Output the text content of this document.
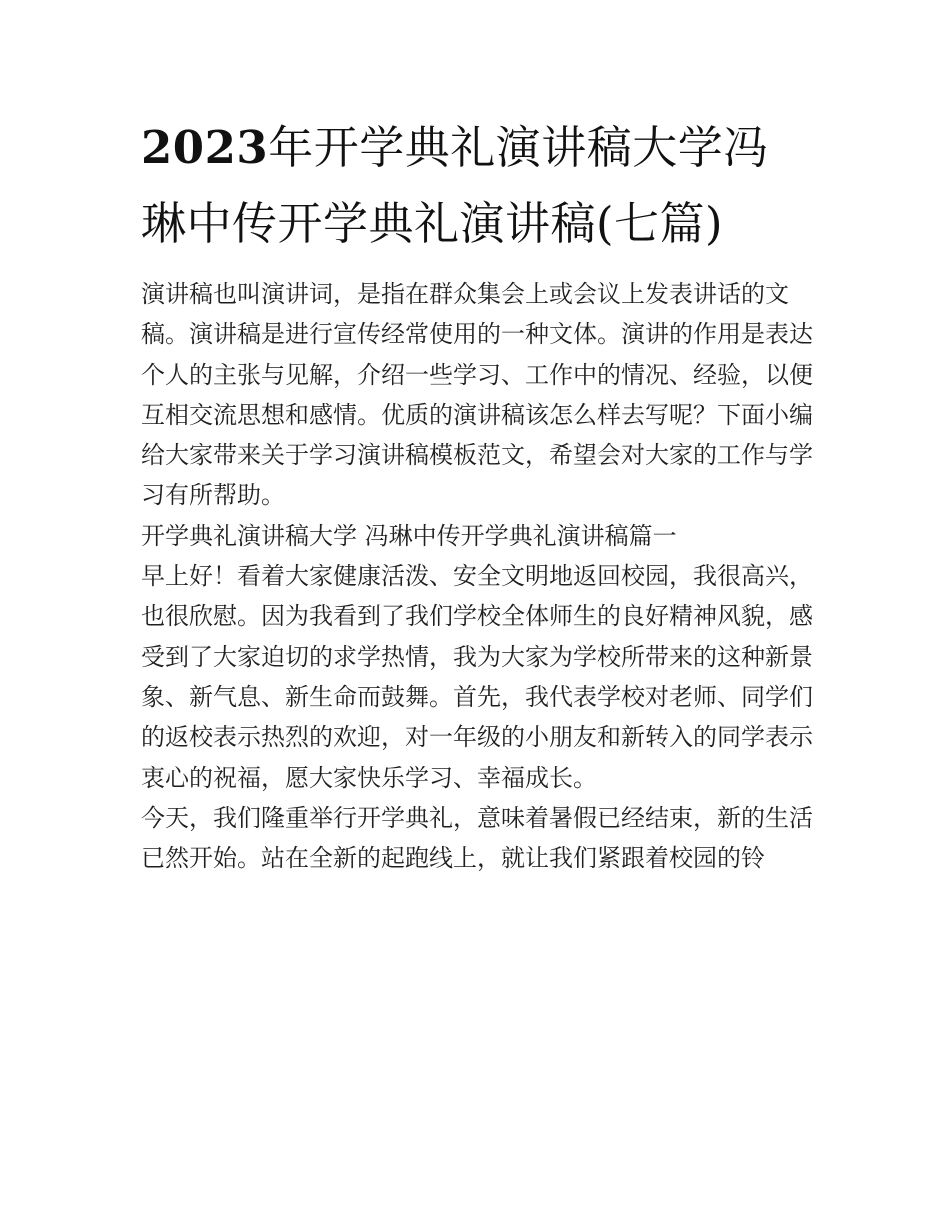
2023年开学典礼演讲稿大学冯琳中传开学典礼演讲稿(七篇)

演讲稿也叫演讲词，是指在群众集会上或会议上发表讲话的文稿。演讲稿是进行宣传经常使用的一种文体。演讲的作用是表达个人的主张与见解，介绍一些学习、工作中的情况、经验，以便互相交流思想和感情。优质的演讲稿该怎么样去写呢？下面小编给大家带来关于学习演讲稿模板范文，希望会对大家的工作与学习有所帮助。

开学典礼演讲稿大学 冯琳中传开学典礼演讲稿篇一

早上好！看着大家健康活泼、安全文明地返回校园，我很高兴，也很欣慰。因为我看到了我们学校全体师生的良好精神风貌，感受到了大家迫切的求学热情，我为大家为学校所带来的这种新景象、新气息、新生命而鼓舞。首先，我代表学校对老师、同学们的返校表示热烈的欢迎，对一年级的小朋友和新转入的同学表示衷心的祝福，愿大家快乐学习、幸福成长。

今天，我们隆重举行开学典礼，意味着暑假已经结束，新的生活已然开始。站在全新的起跑线上，就让我们紧跟着校园的铃
